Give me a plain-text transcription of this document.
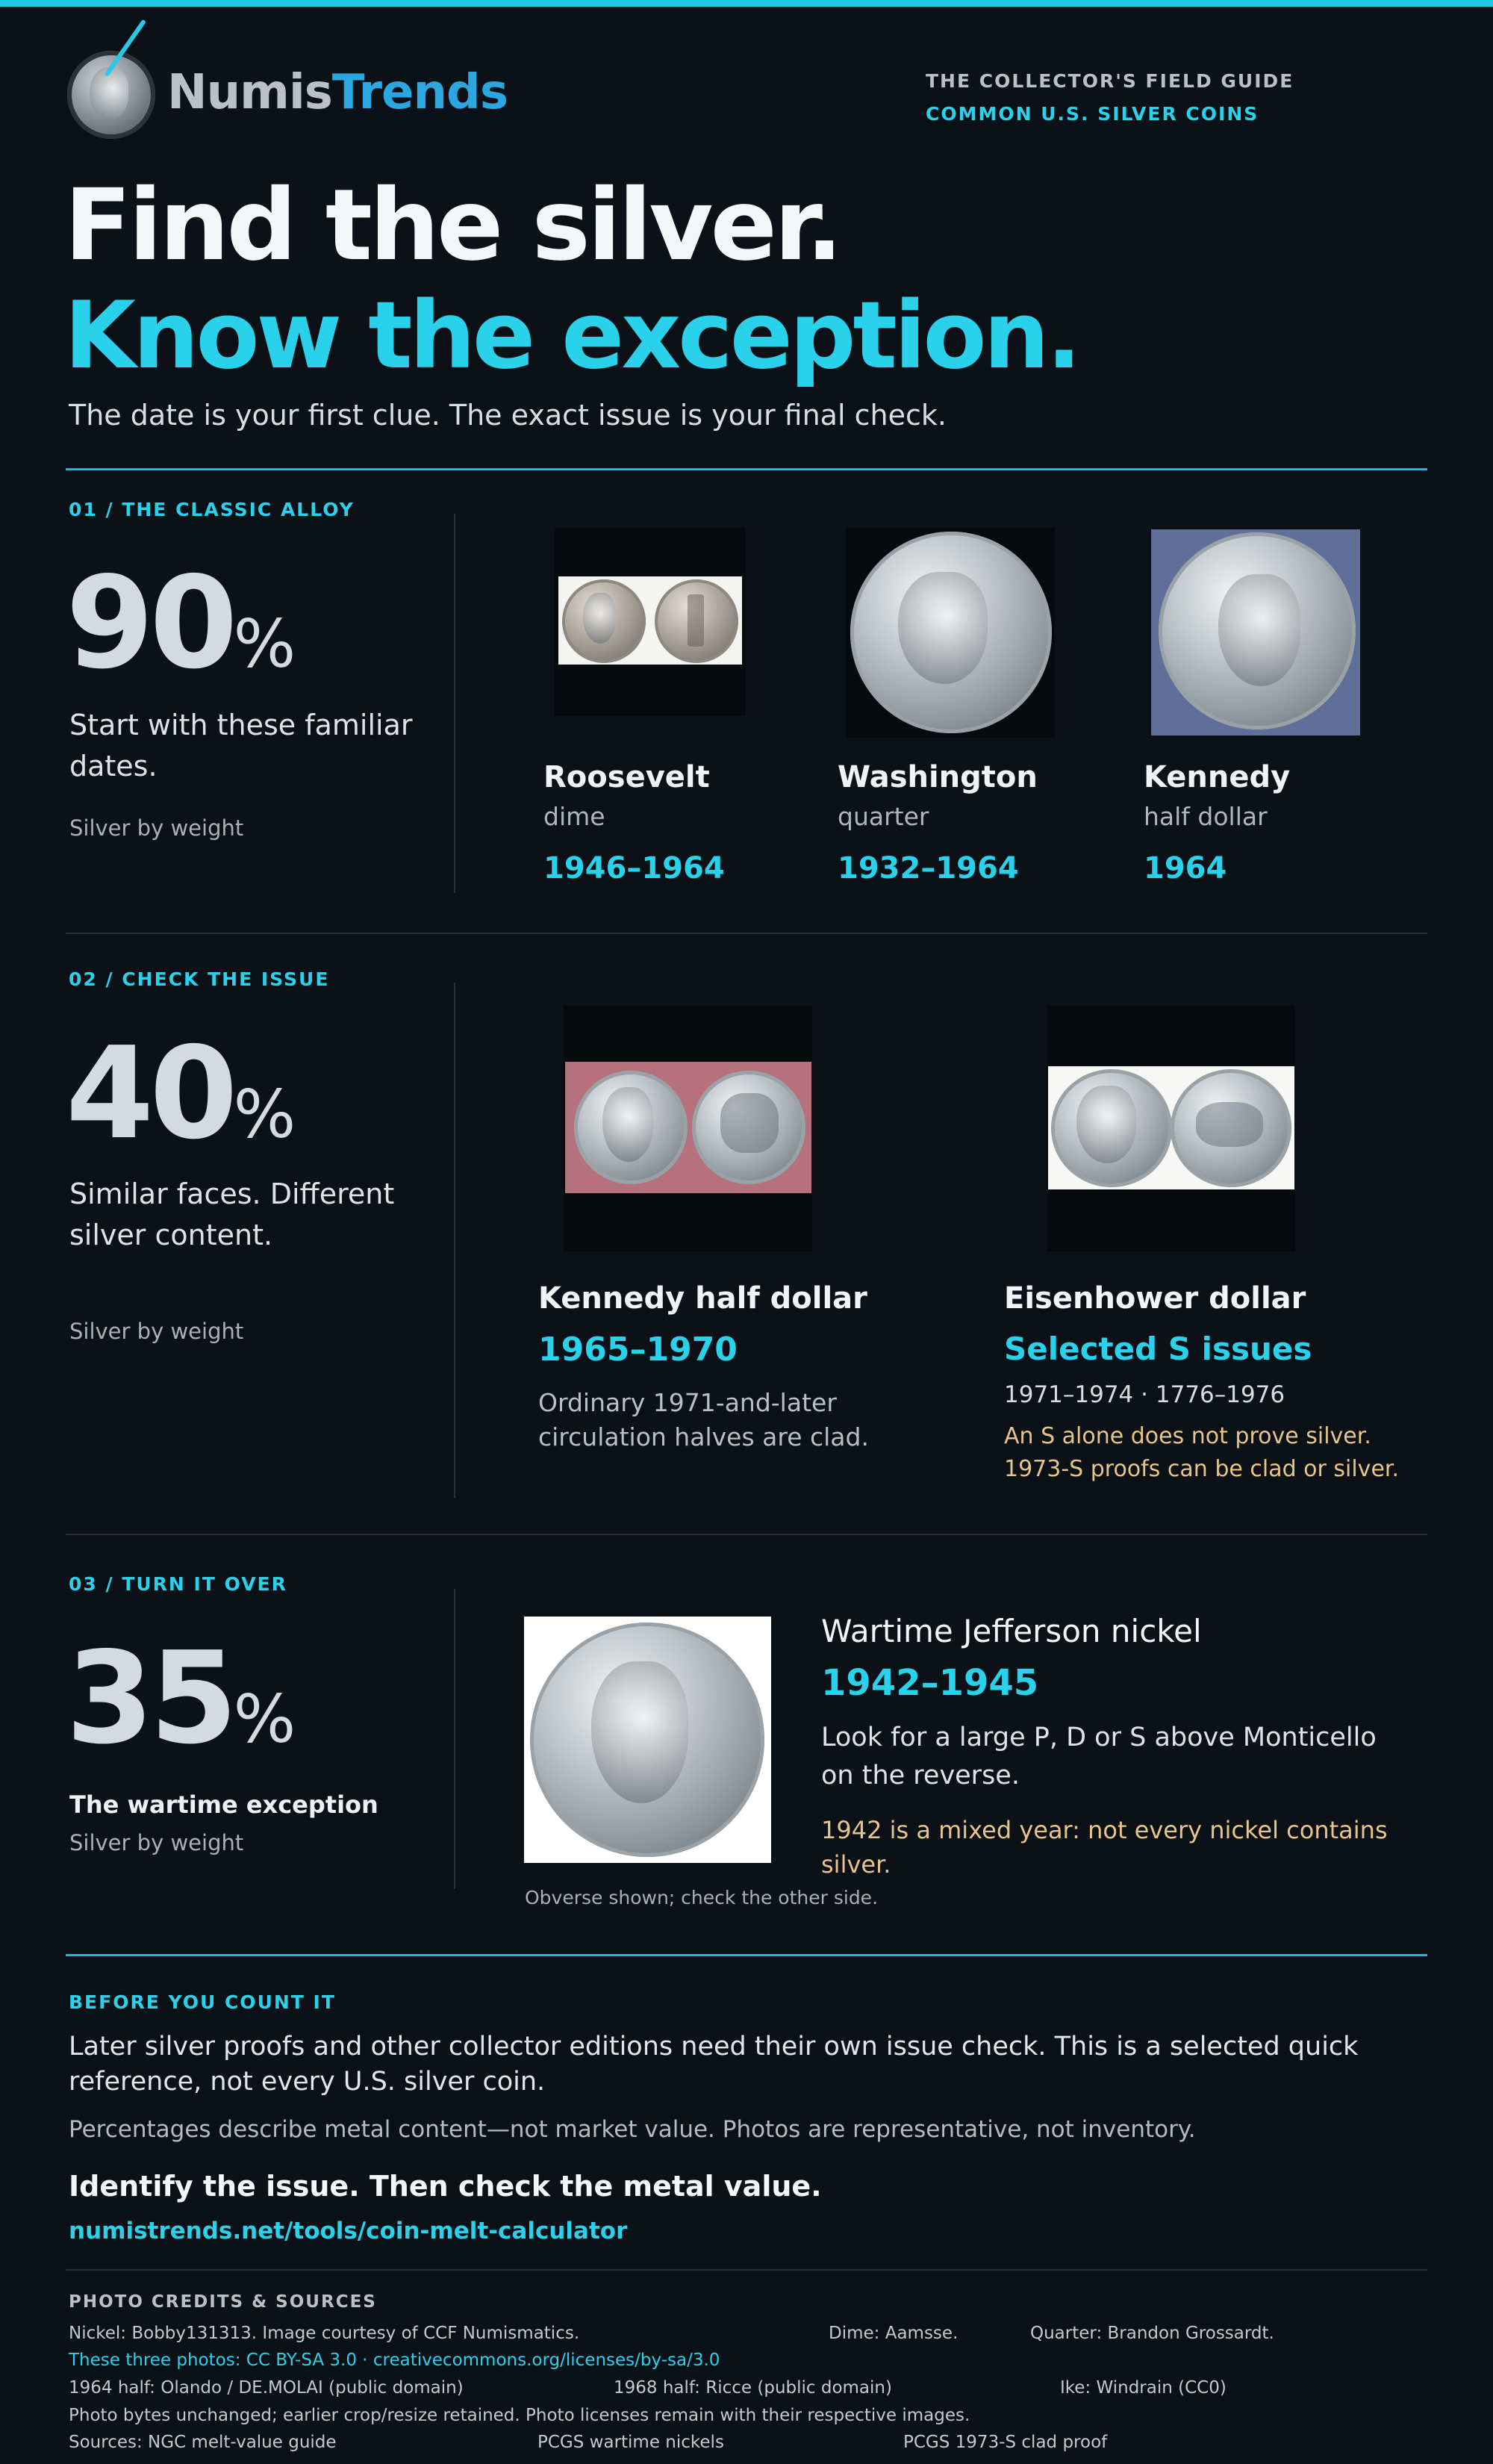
NumisTrends	THE COLLECTOR'S FIELD GUIDE
COMMON U.S. SILVER COINS
Find the silver.
Know the exception.
The date is your first clue. The exact issue is your final check.
01 / THE CLASSIC ALLOY
90%
Start with these familiar dates.
Silver by weight
Roosevelt
dime
1946–1964
Washington
quarter
1932–1964
Kennedy
half dollar
1964
02 / CHECK THE ISSUE
40%
Similar faces. Different silver content.
Silver by weight
Kennedy half dollar
1965–1970
Ordinary 1971-and-later circulation halves are clad.
Eisenhower dollar
Selected S issues
1971–1974 · 1776–1976
An S alone does not prove silver. 1973-S proofs can be clad or silver.
03 / TURN IT OVER
35%
The wartime exception
Silver by weight
Obverse shown; check the other side.
Wartime Jefferson nickel
1942–1945
Look for a large P, D or S above Monticello on the reverse.
1942 is a mixed year: not every nickel contains silver.
BEFORE YOU COUNT IT
Later silver proofs and other collector editions need their own issue check. This is a selected quick reference, not every U.S. silver coin.
Percentages describe metal content—not market value. Photos are representative, not inventory.
Identify the issue. Then check the metal value.
numistrends.net/tools/coin-melt-calculator
PHOTO CREDITS & SOURCES
Nickel: Bobby131313. Image courtesy of CCF Numismatics.	Dime: Aamsse.	Quarter: Brandon Grossardt.
These three photos: CC BY-SA 3.0 · creativecommons.org/licenses/by-sa/3.0
1964 half: Olando / DE.MOLAI (public domain)	1968 half: Ricce (public domain)	Ike: Windrain (CC0)
Photo bytes unchanged; earlier crop/resize retained. Photo licenses remain with their respective images.
Sources: NGC melt-value guide	PCGS wartime nickels	PCGS 1973-S clad proof
